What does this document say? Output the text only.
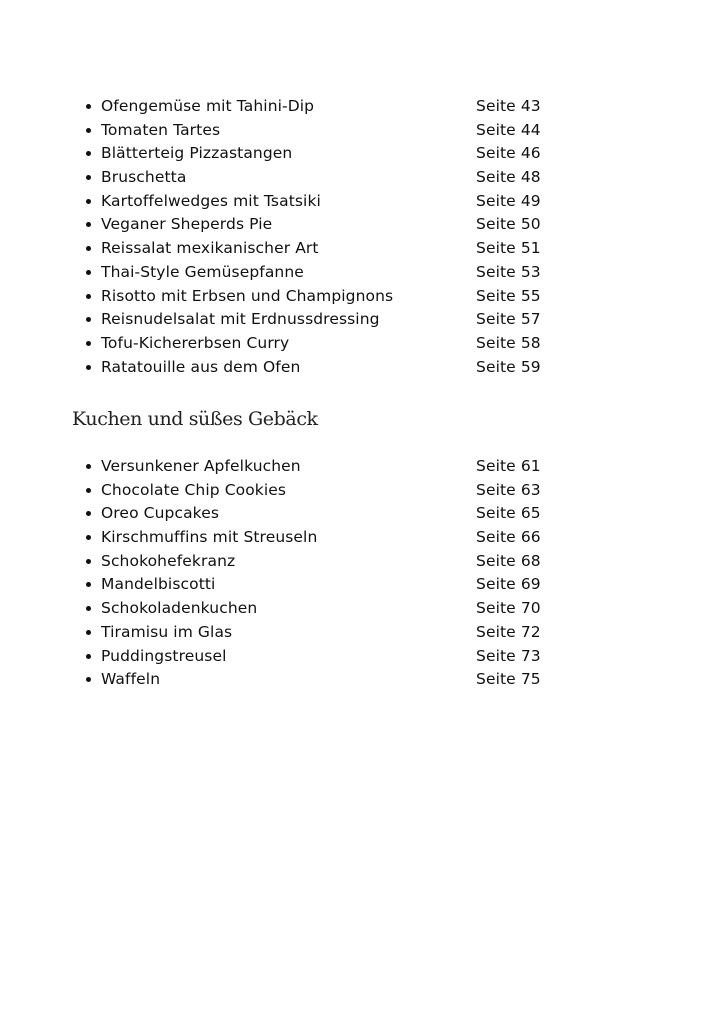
Ofengemüse mit Tahini-Dip	Seite 43
Tomaten Tartes	Seite 44
Blätterteig Pizzastangen	Seite 46
Bruschetta	Seite 48
Kartoffelwedges mit Tsatsiki	Seite 49
Veganer Sheperds Pie	Seite 50
Reissalat mexikanischer Art	Seite 51
Thai-Style Gemüsepfanne	Seite 53
Risotto mit Erbsen und Champignons	Seite 55
Reisnudelsalat mit Erdnussdressing	Seite 57
Tofu-Kichererbsen Curry	Seite 58
Ratatouille aus dem Ofen	Seite 59
Kuchen und süßes Gebäck
Versunkener Apfelkuchen	Seite 61
Chocolate Chip Cookies	Seite 63
Oreo Cupcakes	Seite 65
Kirschmuffins mit Streuseln	Seite 66
Schokohefekranz	Seite 68
Mandelbiscotti	Seite 69
Schokoladenkuchen	Seite 70
Tiramisu im Glas	Seite 72
Puddingstreusel	Seite 73
Waffeln	Seite 75
